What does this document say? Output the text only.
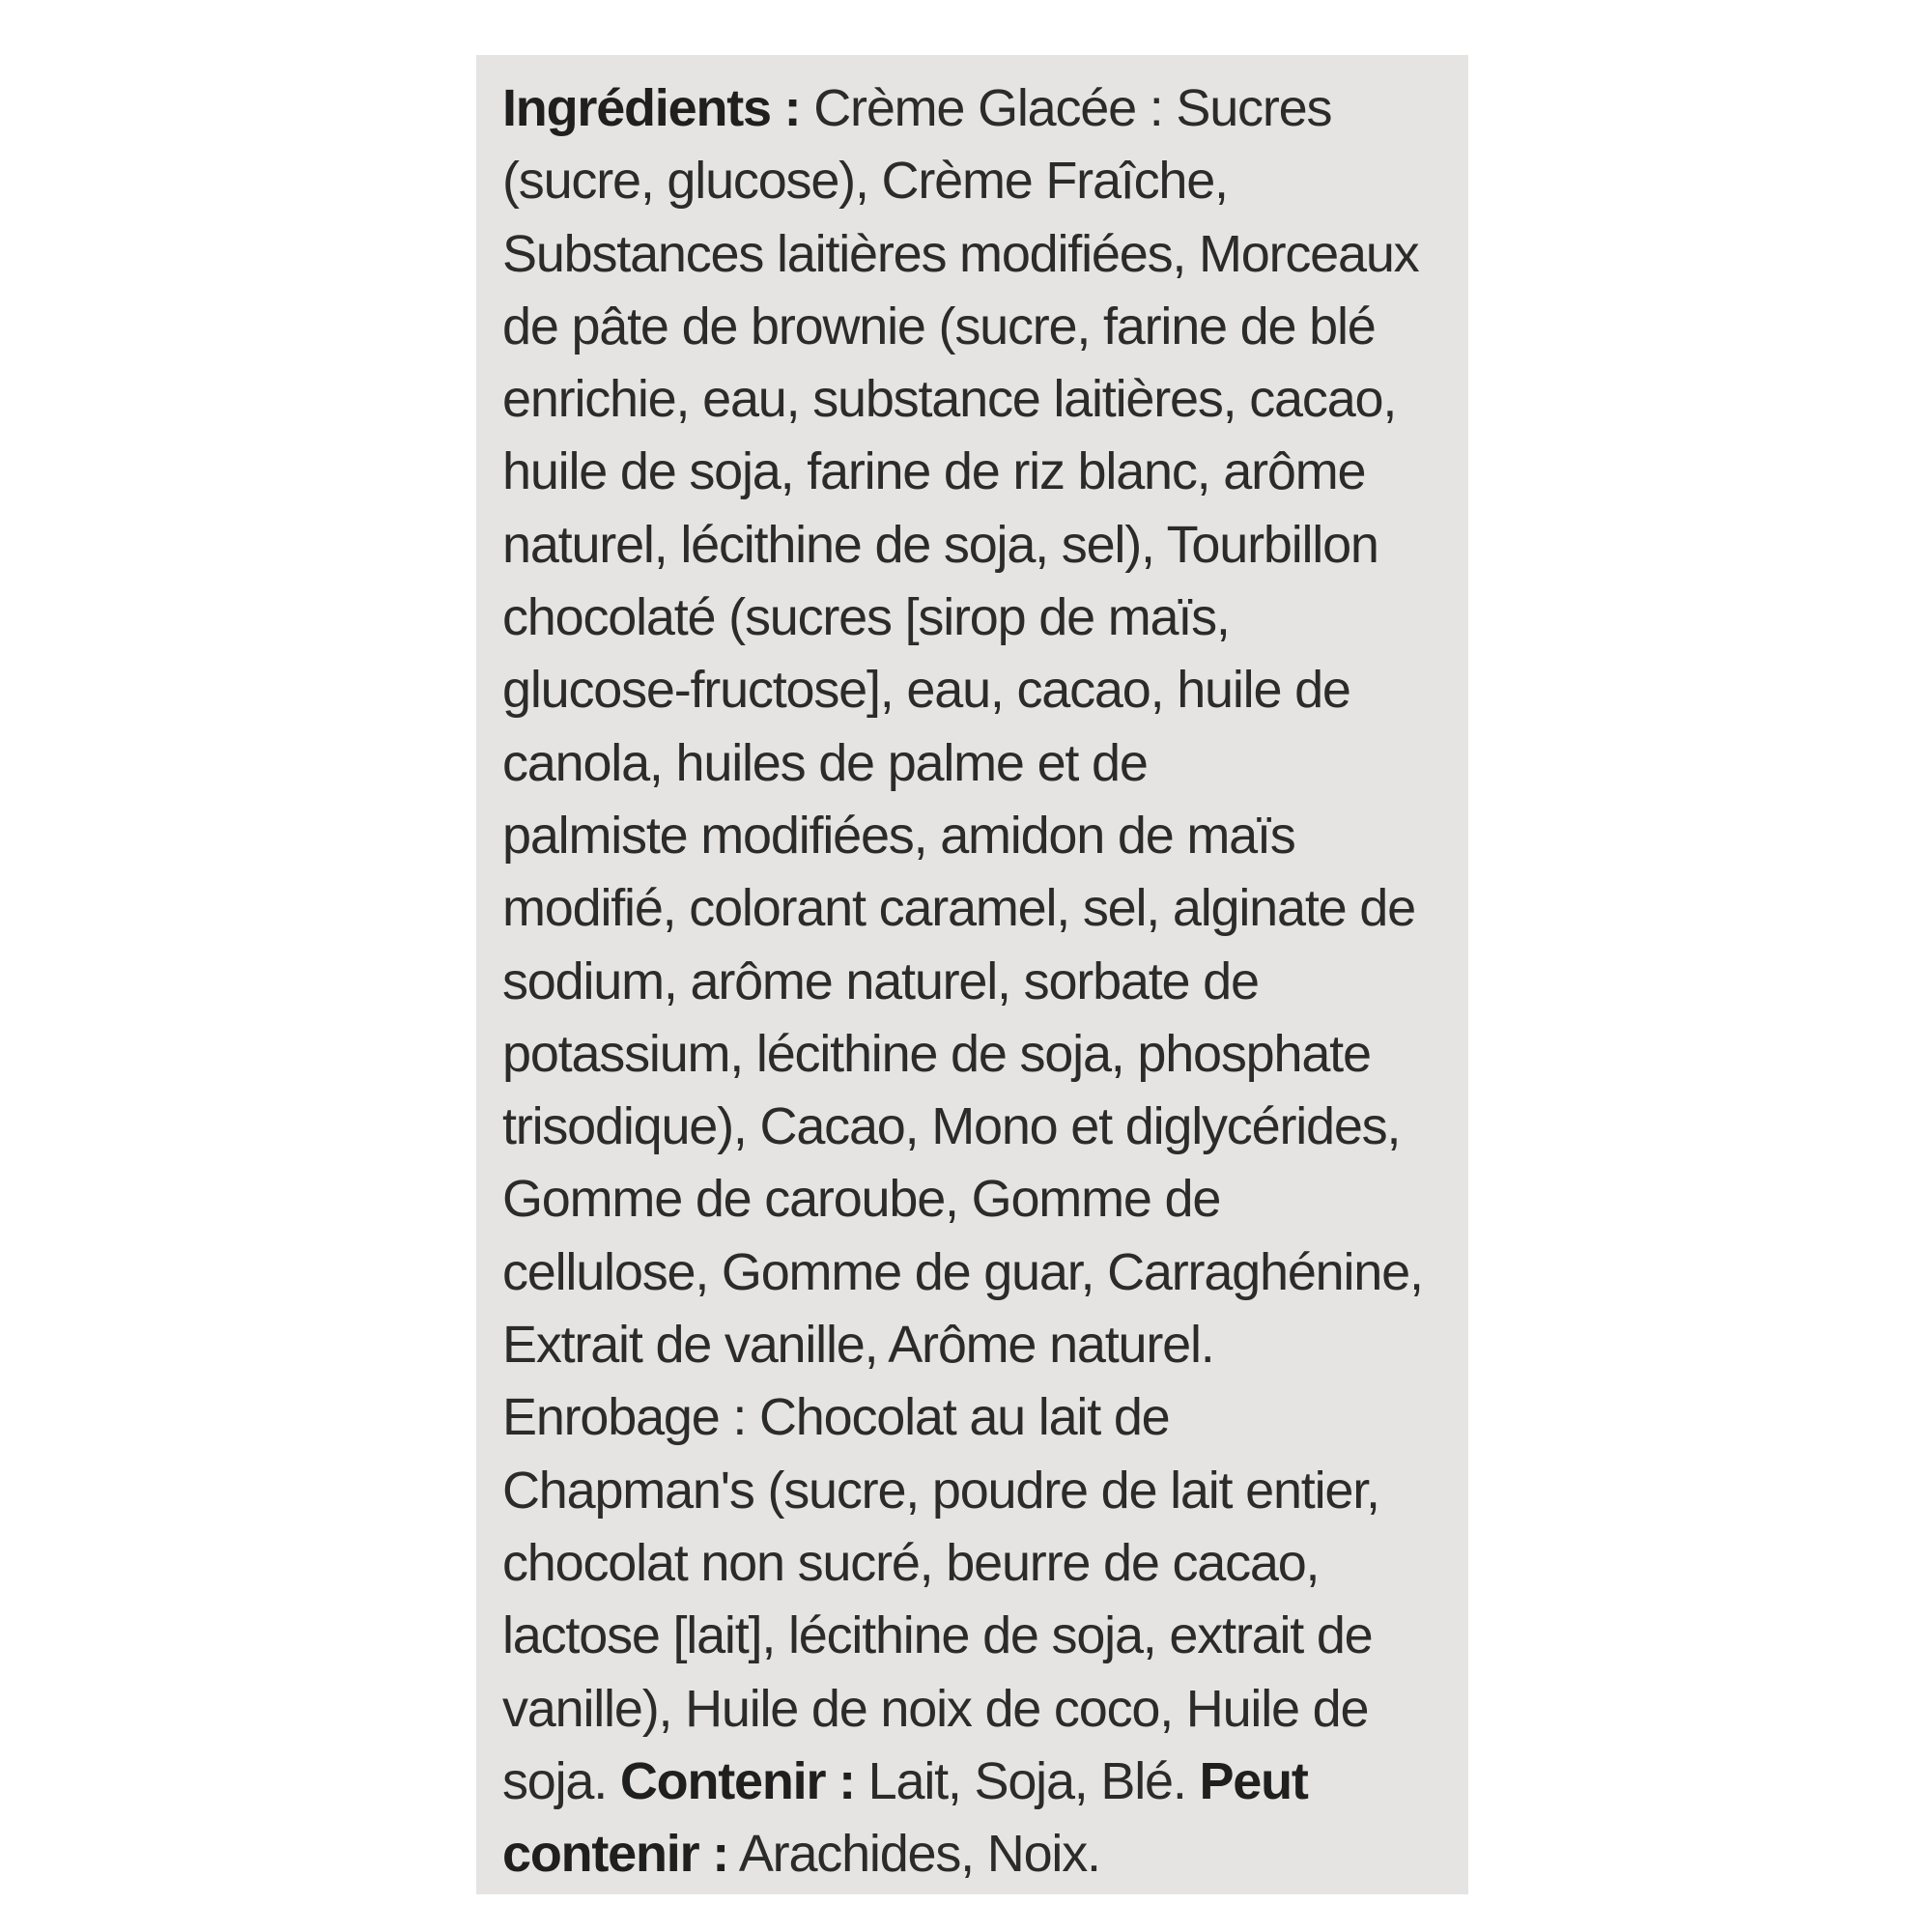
Ingrédients : Crème Glacée : Sucres
(sucre, glucose), Crème Fraîche,
Substances laitières modifiées, Morceaux
de pâte de brownie (sucre, farine de blé
enrichie, eau, substance laitières, cacao,
huile de soja, farine de riz blanc, arôme
naturel, lécithine de soja, sel), Tourbillon
chocolaté (sucres [sirop de maïs,
glucose-fructose], eau, cacao, huile de
canola, huiles de palme et de
palmiste modifiées, amidon de maïs
modifié, colorant caramel, sel, alginate de
sodium, arôme naturel, sorbate de
potassium, lécithine de soja, phosphate
trisodique), Cacao, Mono et diglycérides,
Gomme de caroube, Gomme de
cellulose, Gomme de guar, Carraghénine,
Extrait de vanille, Arôme naturel.
Enrobage : Chocolat au lait de
Chapman's (sucre, poudre de lait entier,
chocolat non sucré, beurre de cacao,
lactose [lait], lécithine de soja, extrait de
vanille), Huile de noix de coco, Huile de
soja. Contenir : Lait, Soja, Blé. Peut
contenir : Arachides, Noix.
